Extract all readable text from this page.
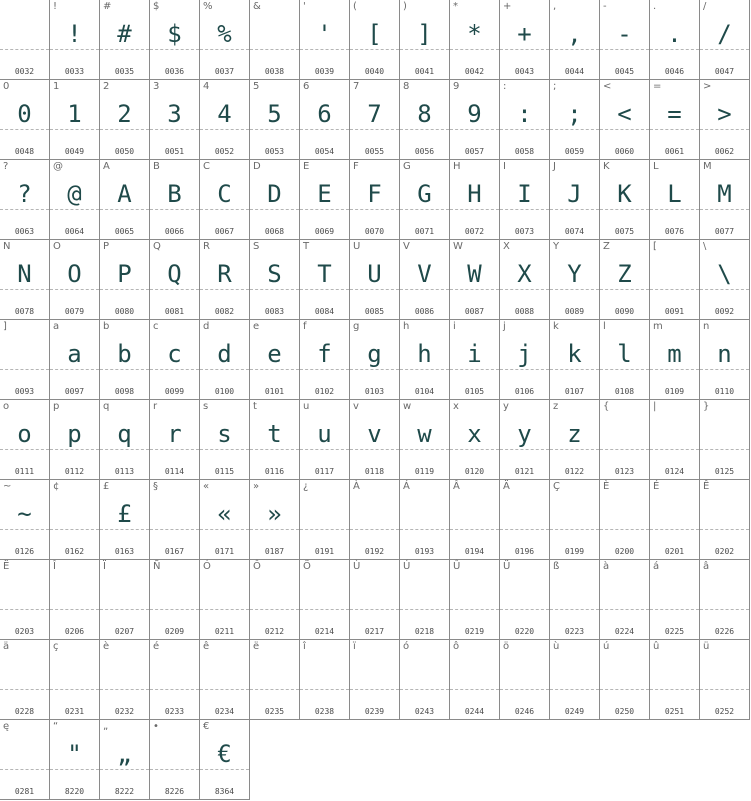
0032
!
!
0033
#
#
0035
$
$
0036
%
%
0037
&
0038
'
'
0039
(
[
0040
)
]
0041
*
*
0042
+
+
0043
,
,
0044
-
-
0045
.
.
0046
/
/
0047
0
0
0048
1
1
0049
2
2
0050
3
3
0051
4
4
0052
5
5
0053
6
6
0054
7
7
0055
8
8
0056
9
9
0057
:
:
0058
;
;
0059
<
<
0060
=
=
0061
>
>
0062
?
?
0063
@
@
0064
A
A
0065
B
B
0066
C
C
0067
D
D
0068
E
E
0069
F
F
0070
G
G
0071
H
H
0072
I
I
0073
J
J
0074
K
K
0075
L
L
0076
M
M
0077
N
N
0078
O
O
0079
P
P
0080
Q
Q
0081
R
R
0082
S
S
0083
T
T
0084
U
U
0085
V
V
0086
W
W
0087
X
X
0088
Y
Y
0089
Z
Z
0090
[
0091
\
\
0092
]
0093
a
a
0097
b
b
0098
c
c
0099
d
d
0100
e
e
0101
f
f
0102
g
g
0103
h
h
0104
i
i
0105
j
j
0106
k
k
0107
l
l
0108
m
m
0109
n
n
0110
o
o
0111
p
p
0112
q
q
0113
r
r
0114
s
s
0115
t
t
0116
u
u
0117
v
v
0118
w
w
0119
x
x
0120
y
y
0121
z
z
0122
{
0123
|
0124
}
0125
~
~
0126
¢
0162
£
£
0163
§
0167
«
«
0171
»
»
0187
¿
0191
À
0192
Á
0193
Â
0194
Ä
0196
Ç
0199
È
0200
É
0201
Ê
0202
Ë
0203
Î
0206
Ï
0207
Ñ
0209
Ó
0211
Ô
0212
Ö
0214
Ù
0217
Ú
0218
Û
0219
Ü
0220
ß
0223
à
0224
á
0225
â
0226
ä
0228
ç
0231
è
0232
é
0233
ê
0234
ë
0235
î
0238
ï
0239
ó
0243
ô
0244
ö
0246
ù
0249
ú
0250
û
0251
ü
0252
ę
0281
“
"
8220
„
„
8222
•
8226
€
€
8364
